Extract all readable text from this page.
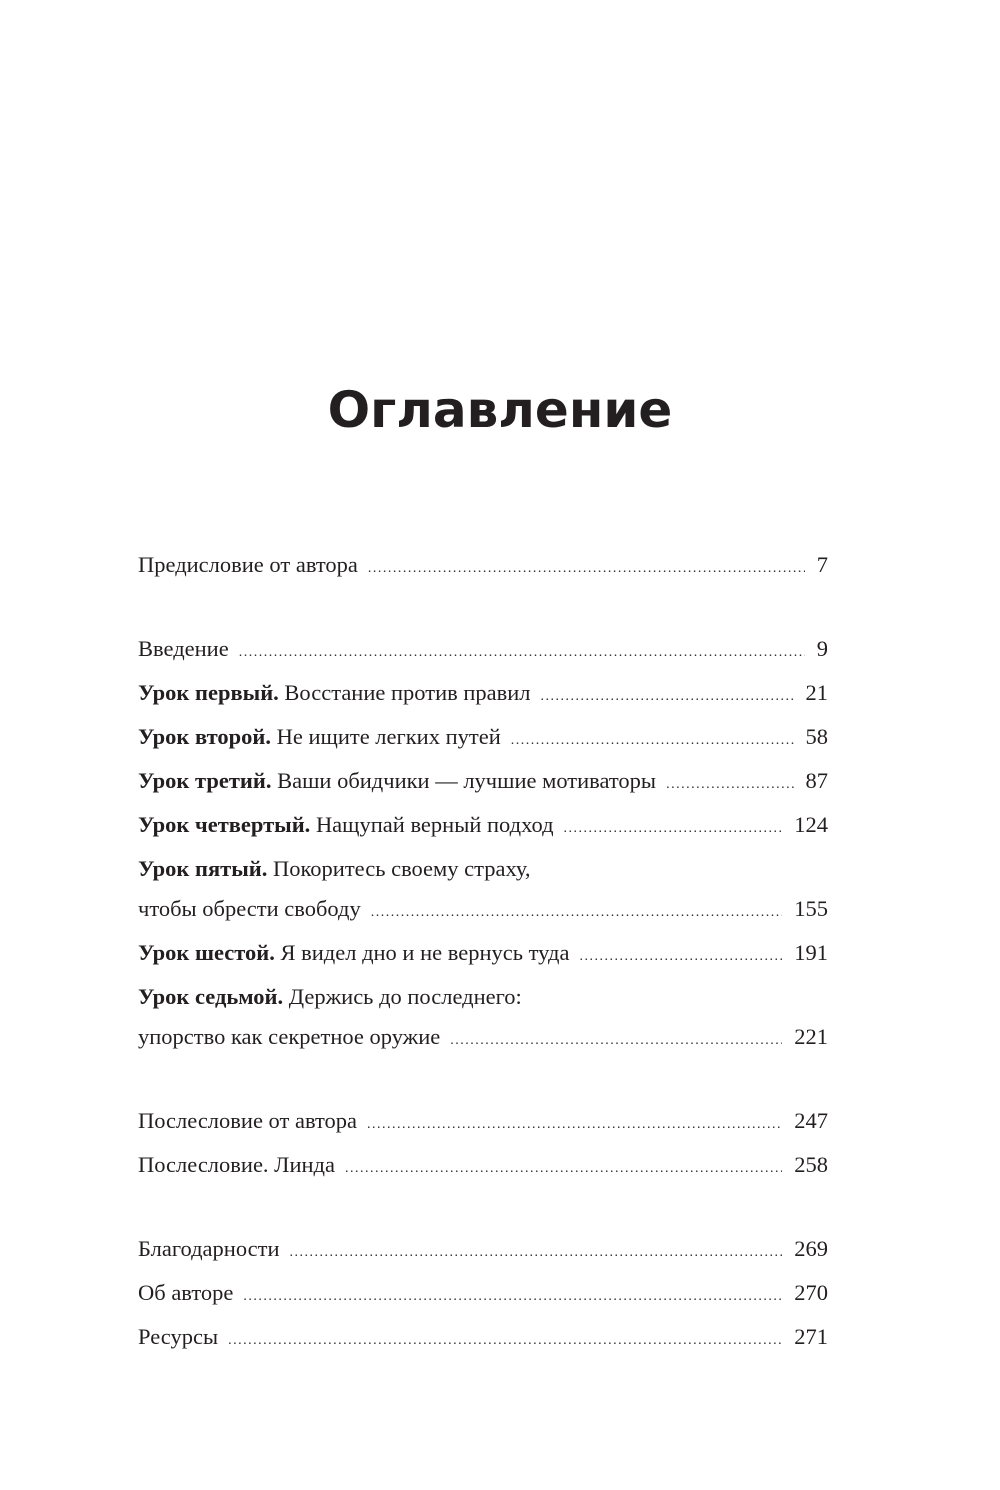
Оглавление
Предисловие от автора .....	7
Введение .....	9
Урок первый. Восстание против правил .....	21
Урок второй. Не ищите легких путей .....	58
Урок третий. Ваши обидчики — лучшие мотиваторы .....	87
Урок четвертый. Нащупай верный подход .....	124
Урок пятый. Покоритесь своему страху,
чтобы обрести свободу .....	155
Урок шестой. Я видел дно и не вернусь туда .....	191
Урок седьмой. Держись до последнего:
упорство как секретное оружие .....	221
Послесловие от автора .....	247
Послесловие. Линда .....	258
Благодарности .....	269
Об авторе .....	270
Ресурсы .....	271
